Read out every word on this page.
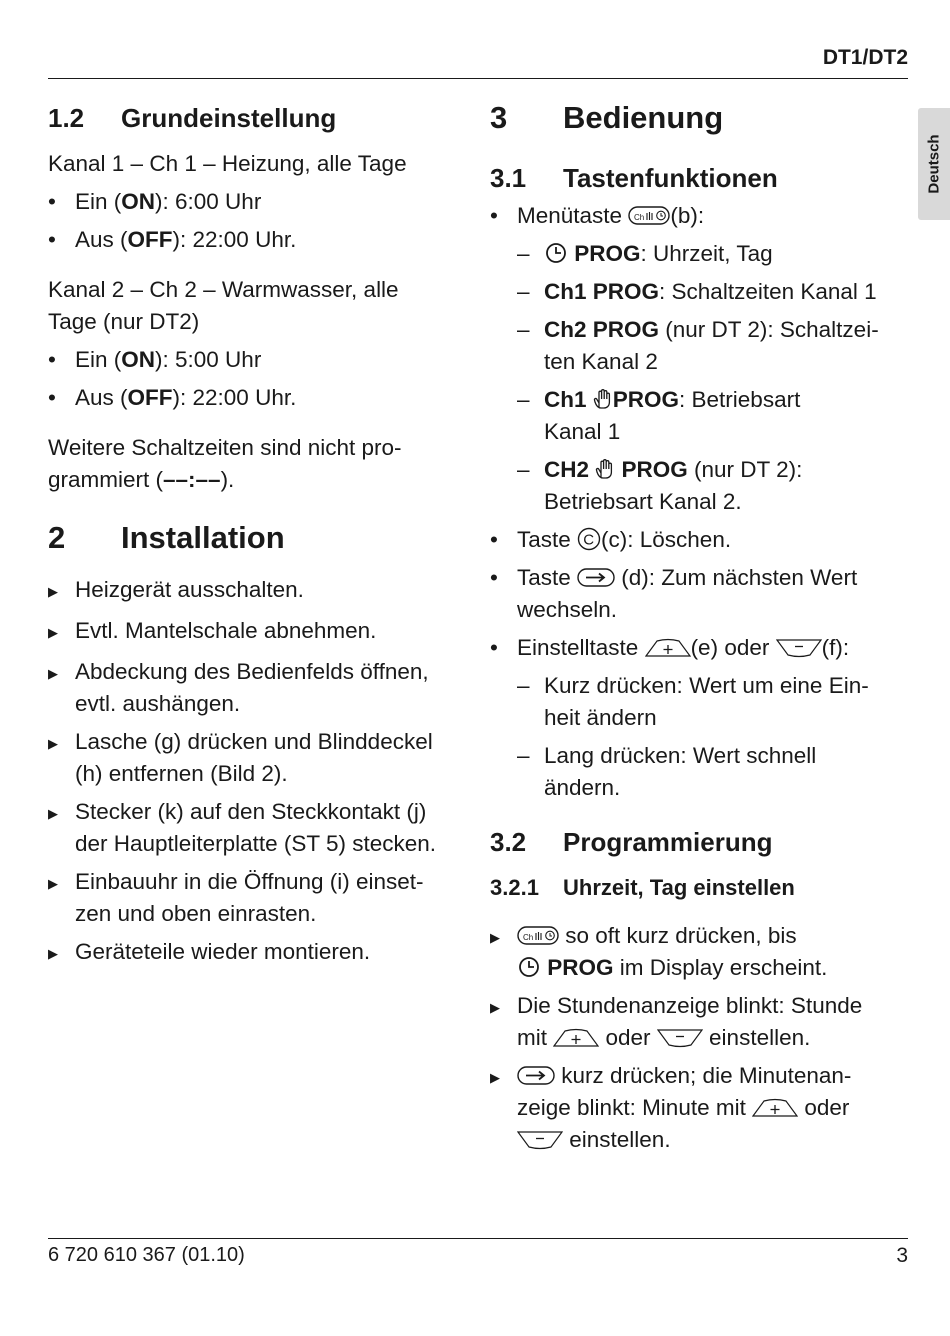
DT1/DT2
Deutsch
1.2	Grundeinstellung

Kanal 1 – Ch 1 – Heizung, alle Tage

• Ein (ON): 6:00 Uhr
• Aus (OFF): 22:00 Uhr.

Kanal 2 – Ch 2 – Warmwasser, alle
Tage (nur DT2)

• Ein (ON): 5:00 Uhr
• Aus (OFF): 22:00 Uhr.

Weitere Schaltzeiten sind nicht pro-
grammiert (––:––).

2	Installation
▶ Heizgerät ausschalten.
▶ Evtl. Mantelschale abnehmen.
▶ Abdeckung des Bedienfelds öffnen,
evtl. aushängen.
▶ Lasche (g) drücken und Blinddeckel
(h) entfernen (Bild 2).
▶ Stecker (k) auf den Steckkontakt (j)
der Hauptleiterplatte (ST 5) stecken.
▶ Einbauuhr in die Öffnung (i) einset-
zen und oben einrasten.
▶ Geräteteile wieder montieren.
3	Bedienung
3.1	Tastenfunktionen
• Menütaste Ch (b):
–	PROG: Uhrzeit, Tag
– Ch1 PROG: Schaltzeiten Kanal 1
– Ch2 PROG (nur DT 2): Schaltzei-
ten Kanal 2
– Ch1 PROG: Betriebsart
Kanal 1
– CH2  PROG (nur DT 2):
Betriebsart Kanal 2.
• Taste C (c): Löschen.
• Taste  (d): Zum nächsten Wert
wechseln.
• Einstelltaste (e) oder (f):
– Kurz drücken: Wert um eine Ein-
heit ändern
– Lang drücken: Wert schnell
ändern.
3.2	Programmierung
3.2.1	Uhrzeit, Tag einstellen
▶	Ch so oft kurz drücken, bis
PROG im Display erscheint.
▶ Die Stundenanzeige blinkt: Stunde
mit  oder  einstellen.
▶	kurz drücken; die Minutenan-
zeige blinkt: Minute mit  oder
einstellen.
6 720 610 367 (01.10)	3
